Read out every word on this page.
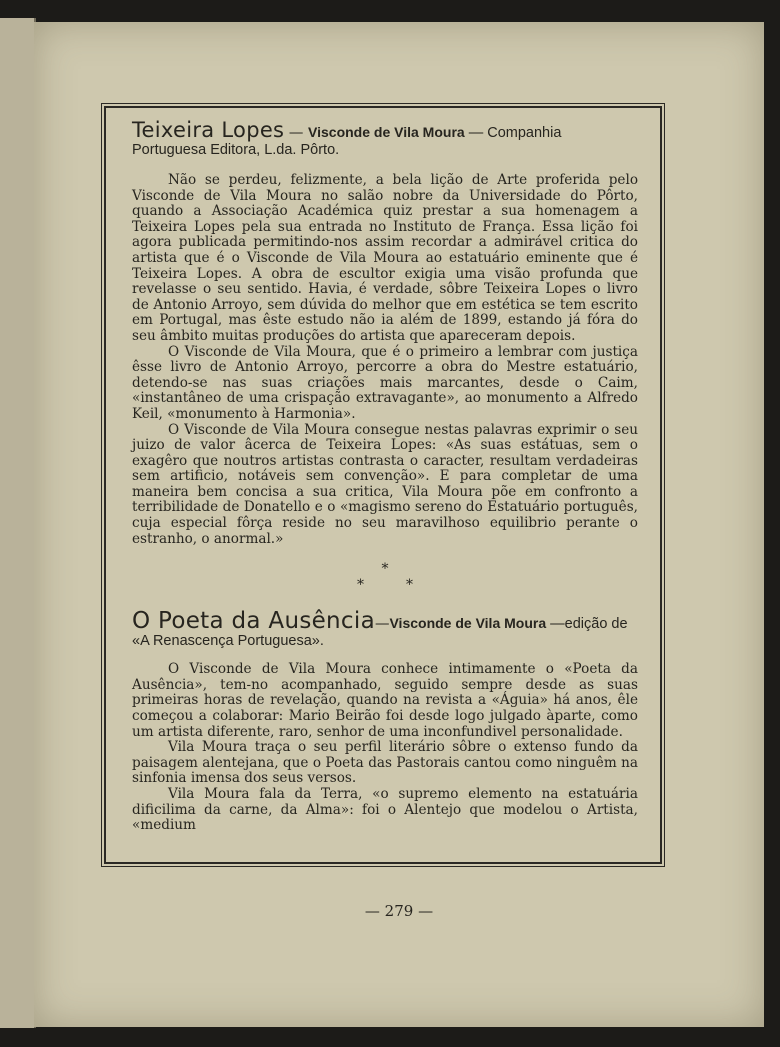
Teixeira Lopes — Visconde de Vila Moura — Companhia Portuguesa Editora, L.da. Pôrto.

Não se perdeu, felizmente, a bela lição de Arte proferida pelo Visconde de Vila Moura no salão nobre da Universidade do Pôrto, quando a Associação Académica quiz prestar a sua homenagem a Teixeira Lopes pela sua entrada no Instituto de França. Essa lição foi agora publicada permitindo-nos assim recordar a admirável critica do artista que é o Visconde de Vila Moura ao estatuário eminente que é Teixeira Lopes. A obra de escultor exigia uma visão profunda que revelasse o seu sentido. Havia, é verdade, sôbre Teixeira Lopes o livro de Antonio Arroyo, sem dúvida do melhor que em estética se tem escrito em Portugal, mas êste estudo não ia além de 1899, estando já fóra do seu âmbito muitas produções do artista que apareceram depois.

O Visconde de Vila Moura, que é o primeiro a lembrar com justiça êsse livro de Antonio Arroyo, percorre a obra do Mestre estatuário, detendo-se nas suas criações mais marcantes, desde o Caim, «instantâneo de uma crispação extravagante», ao monumento a Alfredo Keil, «monumento à Harmonia».

O Visconde de Vila Moura consegue nestas palavras exprimir o seu juizo de valor âcerca de Teixeira Lopes: «As suas estátuas, sem o exagêro que noutros artistas contrasta o caracter, resultam verdadeiras sem artificio, notáveis sem convenção». E para completar de uma maneira bem concisa a sua critica, Vila Moura põe em confronto a terribilidade de Donatello e o «magismo sereno do Estatuário português, cuja especial fôrça reside no seu maravilhoso equilibrio perante o estranho, o anormal.»

*
**

O Poeta da Ausência—Visconde de Vila Moura —edição de «A Renascença Portuguesa».

O Visconde de Vila Moura conhece intimamente o «Poeta da Ausência», tem-no acompanhado, seguido sempre desde as suas primeiras horas de revelação, quando na revista a «Águia» há anos, êle começou a colaborar: Mario Beirão foi desde logo julgado àparte, como um artista diferente, raro, senhor de uma inconfundivel personalidade.

Vila Moura traça o seu perfil literário sôbre o extenso fundo da paisagem alentejana, que o Poeta das Pastorais cantou como ninguêm na sinfonia imensa dos seus versos.

Vila Moura fala da Terra, «o supremo elemento na estatuária dificilima da carne, da Alma»: foi o Alentejo que modelou o Artista, «medium

— 279 —
